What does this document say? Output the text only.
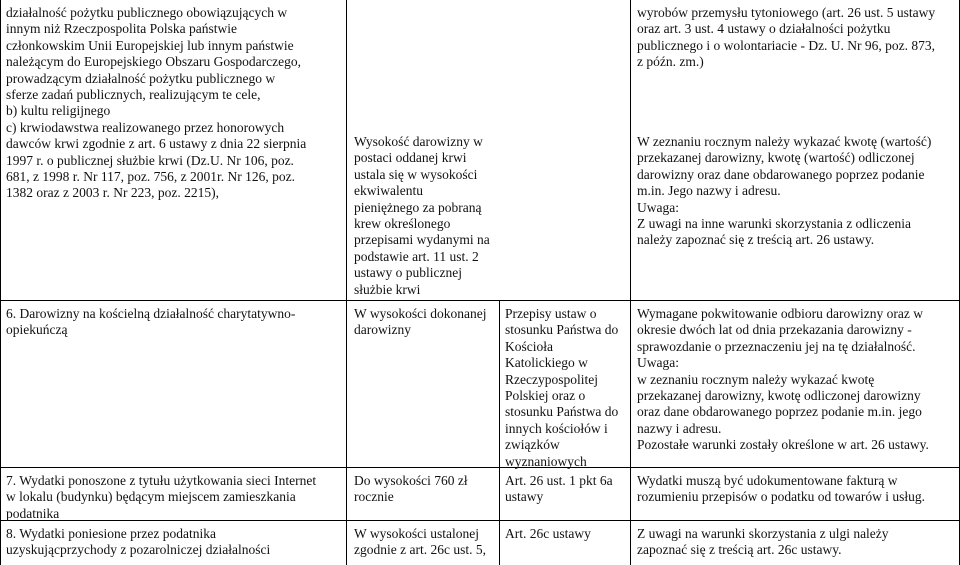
działalność pożytku publicznego obowiązujących w
innym niż Rzeczpospolita Polska państwie
członkowskim Unii Europejskiej lub innym państwie
należącym do Europejskiego Obszaru Gospodarczego,
prowadzącym działalność pożytku publicznego w
sferze zadań publicznych, realizującym te cele,
b) kultu religijnego
c) krwiodawstwa realizowanego przez honorowych
dawców krwi zgodnie z art. 6 ustawy z dnia 22 sierpnia
1997 r. o publicznej służbie krwi (Dz.U. Nr 106, poz.
681, z 1998 r. Nr 117, poz. 756, z 2001r. Nr 126, poz.
1382 oraz z 2003 r. Nr 223, poz. 2215),
Wysokość darowizny w
postaci oddanej krwi
ustala się w wysokości
ekwiwalentu
pieniężnego za pobraną
krew określonego
przepisami wydanymi na
podstawie art. 11 ust. 2
ustawy o publicznej
służbie krwi
wyrobów przemysłu tytoniowego (art. 26 ust. 5 ustawy
oraz art. 3 ust. 4 ustawy o działalności pożytku
publicznego i o wolontariacie - Dz. U. Nr 96, poz. 873,
z późn. zm.)
W zeznaniu rocznym należy wykazać kwotę (wartość)
przekazanej darowizny, kwotę (wartość) odliczonej
darowizny oraz dane obdarowanego poprzez podanie
m.in. Jego nazwy i adresu.
Uwaga:
Z uwagi na inne warunki skorzystania z odliczenia
należy zapoznać się z treścią art. 26 ustawy.
6. Darowizny na kościelną działalność charytatywno-
opiekuńczą
W wysokości dokonanej
darowizny
Przepisy ustaw o
stosunku Państwa do
Kościoła
Katolickiego w
Rzeczypospolitej
Polskiej oraz o
stosunku Państwa do
innych kościołów i
związków
wyznaniowych
Wymagane pokwitowanie odbioru darowizny oraz w
okresie dwóch lat od dnia przekazania darowizny -
sprawozdanie o przeznaczeniu jej na tę działalność.
Uwaga:
w zeznaniu rocznym należy wykazać kwotę
przekazanej darowizny, kwotę odliczonej darowizny
oraz dane obdarowanego poprzez podanie m.in. jego
nazwy i adresu.
Pozostałe warunki zostały określone w art. 26 ustawy.
7. Wydatki ponoszone z tytułu użytkowania sieci Internet
w lokalu (budynku) będącym miejscem zamieszkania
podatnika
Do wysokości 760 zł
rocznie
Art. 26 ust. 1 pkt 6a
ustawy
Wydatki muszą być udokumentowane fakturą w
rozumieniu przepisów o podatku od towarów i usług.
8. Wydatki poniesione przez podatnika
uzyskującprzychody z pozarolniczej działalności
W wysokości ustalonej
zgodnie z art. 26c ust. 5,
Art. 26c ustawy	Z uwagi na warunki skorzystania z ulgi należy
zapoznać się z treścią art. 26c ustawy.
